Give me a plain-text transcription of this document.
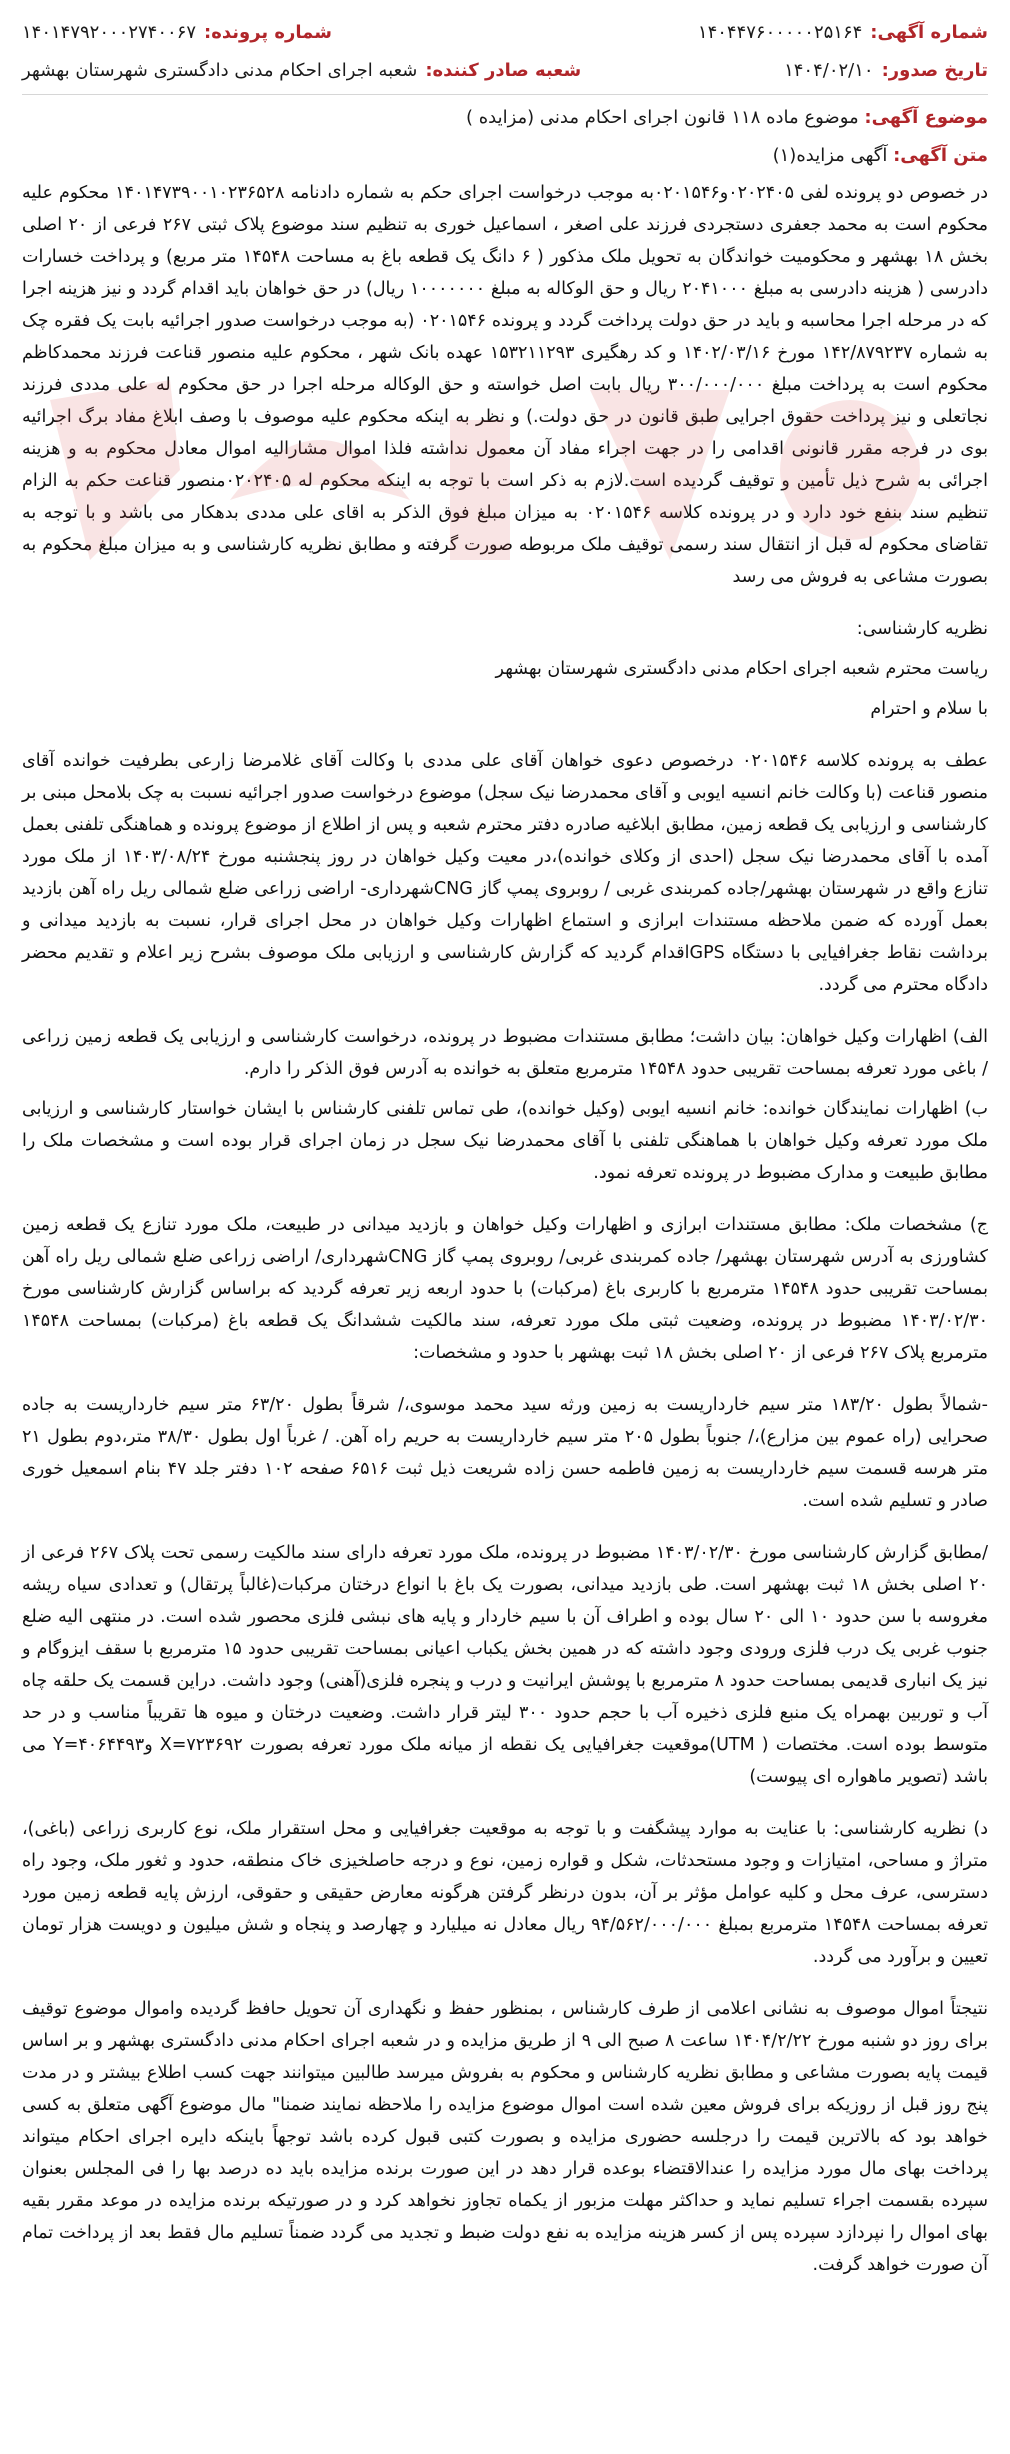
شماره آگهی:
۱۴۰۴۴۷۶۰۰۰۰۰۲۵۱۶۴
شماره پرونده:
۱۴۰۱۴۷۹۲۰۰۰۲۷۴۰۰۶۷
تاریخ صدور:
۱۴۰۴/۰۲/۱۰
شعبه صادر کننده:
شعبه اجرای احکام مدنی دادگستری شهرستان بهشهر
موضوع آگهی: موضوع ماده ۱۱۸ قانون اجرای احکام مدنی (مزایده )
متن آگهی: آگهی مزایده(۱)

در خصوص دو پرونده لفی ۰۲۰۲۴۰۵و۰۲۰۱۵۴۶به موجب درخواست اجرای حکم به شماره دادنامه ۱۴۰۱۴۷۳۹۰۰۱۰۲۳۶۵۲۸ محکوم علیه محکوم است به محمد جعفری دستجردی فرزند علی اصغر ، اسماعیل خوری به تنظیم سند موضوع پلاک ثبتی ۲۶۷ فرعی از ۲۰ اصلی بخش ۱۸ بهشهر و محکومیت خواندگان به تحویل ملک مذکور ( ۶ دانگ یک قطعه باغ به مساحت ۱۴۵۴۸ متر مربع) و پرداخت خسارات دادرسی ( هزینه دادرسی به مبلغ ۲۰۴۱۰۰۰ ریال و حق الوکاله به مبلغ ۱۰۰۰۰۰۰۰ ریال) در حق خواهان باید اقدام گردد و نیز هزینه اجرا که در مرحله اجرا محاسبه و باید در حق دولت پرداخت گردد و پرونده ۰۲۰۱۵۴۶ (به موجب درخواست صدور اجرائیه بابت یک فقره چک به شماره ۱۴۲/۸۷۹۲۳۷ مورخ ۱۴۰۲/۰۳/۱۶ و کد رهگیری ۱۵۳۲۱۱۲۹۳ عهده بانک شهر ، محکوم علیه منصور قناعت فرزند محمدکاظم محکوم است به پرداخت مبلغ ۳۰۰/۰۰۰/۰۰۰ ریال بابت اصل خواسته و حق الوکاله مرحله اجرا در حق محکوم له علی مددی فرزند نجاتعلی و نیز پرداخت حقوق اجرایی طبق قانون در حق دولت.) و نظر به اینکه محکوم علیه موصوف با وصف ابلاغ مفاد برگ اجرائیه بوی در فرجه مقرر قانونی اقدامی را در جهت اجراء مفاد آن معمول نداشته فلذا اموال مشارالیه اموال معادل محکوم به و هزینه اجرائی به شرح ذیل تأمین و توقیف گردیده است.لازم به ذکر است با توجه به اینکه محکوم له ۰۲۰۲۴۰۵منصور قناعت حکم به الزام تنظیم سند بنفع خود دارد و در پرونده کلاسه ۰۲۰۱۵۴۶ به میزان مبلغ فوق الذکر به اقای علی مددی بدهکار می باشد و با توجه به تقاضای محکوم له قبل از انتقال سند رسمی توقیف ملک مربوطه صورت گرفته و مطابق نظریه کارشناسی و به میزان مبلغ محکوم به بصورت مشاعی به فروش می رسد

نظریه کارشناسی:

ریاست محترم شعبه اجرای احکام مدنی دادگستری شهرستان بهشهر

با سلام و احترام

عطف به پرونده کلاسه ۰۲۰۱۵۴۶ درخصوص دعوی خواهان آقای علی مددی با وکالت آقای غلامرضا زارعی بطرفیت خوانده آقای منصور قناعت (با وکالت خانم انسیه ایوبی و آقای محمدرضا نیک سجل) موضوع درخواست صدور اجرائیه نسبت به چک بلامحل مبنی بر کارشناسی و ارزیابی یک قطعه زمین، مطابق ابلاغیه صادره دفتر محترم شعبه و پس از اطلاع از موضوع پرونده و هماهنگی تلفنی بعمل آمده با آقای محمدرضا نیک سجل (احدی از وکلای خوانده)،در معیت وکیل خواهان در روز پنجشنبه مورخ ۱۴۰۳/۰۸/۲۴ از ملک مورد تنازع واقع در شهرستان بهشهر/جاده کمربندی غربی / روبروی پمپ گاز CNGشهرداری- اراضی زراعی ضلع شمالی ریل راه آهن بازدید بعمل آورده که ضمن ملاحظه مستندات ابرازی و استماع اظهارات وکیل خواهان در محل اجرای قرار، نسبت به بازدید میدانی و برداشت نقاط جغرافیایی با دستگاه GPSاقدام گردید که گزارش کارشناسی و ارزیابی ملک موصوف بشرح زیر اعلام و تقدیم محضر دادگاه محترم می گردد.

الف) اظهارات وکیل خواهان: بیان داشت؛ مطابق مستندات مضبوط در پرونده، درخواست کارشناسی و ارزیابی یک قطعه زمین زراعی / باغی مورد تعرفه بمساحت تقریبی حدود ۱۴۵۴۸ مترمربع متعلق به خوانده به آدرس فوق الذکر را دارم.

ب) اظهارات نمایندگان خوانده: خانم انسیه ایوبی (وکیل خوانده)، طی تماس تلفنی کارشناس با ایشان خواستار کارشناسی و ارزیابی ملک مورد تعرفه وکیل خواهان با هماهنگی تلفنی با آقای محمدرضا نیک سجل در زمان اجرای قرار بوده است و مشخصات ملک را مطابق طبیعت و مدارک مضبوط در پرونده تعرفه نمود.

ج) مشخصات ملک: مطابق مستندات ابرازی و اظهارات وکیل خواهان و بازدید میدانی در طبیعت، ملک مورد تنازع یک قطعه زمین کشاورزی به آدرس شهرستان بهشهر/ جاده کمربندی غربی/ روبروی پمپ گاز CNGشهرداری/ اراضی زراعی ضلع شمالی ریل راه آهن بمساحت تقریبی حدود ۱۴۵۴۸ مترمربع با کاربری باغ (مرکبات) با حدود اربعه زیر تعرفه گردید که براساس گزارش کارشناسی مورخ ۱۴۰۳/۰۲/۳۰ مضبوط در پرونده، وضعیت ثبتی ملک مورد تعرفه، سند مالکیت ششدانگ یک قطعه باغ (مرکبات) بمساحت ۱۴۵۴۸ مترمربع پلاک ۲۶۷ فرعی از ۲۰ اصلی بخش ۱۸ ثبت بهشهر با حدود و مشخصات:

-شمالاً بطول ۱۸۳/۲۰ متر سیم خارداریست به زمین ورثه سید محمد موسوی،/ شرقاً بطول ۶۳/۲۰ متر سیم خارداریست به جاده صحرایی (راه عموم بین مزارع)،/ جنوباً بطول ۲۰۵ متر سیم خارداریست به حریم راه آهن. / غرباً اول بطول ۳۸/۳۰ متر،دوم بطول ۲۱ متر هرسه قسمت سیم خارداریست به زمین فاطمه حسن زاده شریعت ذیل ثبت ۶۵۱۶ صفحه ۱۰۲ دفتر جلد ۴۷ بنام اسمعیل خوری صادر و تسلیم شده است.

/مطابق گزارش کارشناسی مورخ ۱۴۰۳/۰۲/۳۰ مضبوط در پرونده، ملک مورد تعرفه دارای سند مالکیت رسمی تحت پلاک ۲۶۷ فرعی از ۲۰ اصلی بخش ۱۸ ثبت بهشهر است. طی بازدید میدانی، بصورت یک باغ با انواع درختان مرکبات(غالباً پرتقال) و تعدادی سیاه ریشه مغروسه با سن حدود ۱۰ الی ۲۰ سال بوده و اطراف آن با سیم خاردار و پایه های نبشی فلزی محصور شده است. در منتهی الیه ضلع جنوب غربی یک درب فلزی ورودی وجود داشته که در همین بخش یکباب اعیانی بمساحت تقریبی حدود ۱۵ مترمربع با سقف ایزوگام و نیز یک انباری قدیمی بمساحت حدود ۸ مترمربع با پوشش ایرانیت و درب و پنجره فلزی(آهنی) وجود داشت. دراین قسمت یک حلقه چاه آب و توربین بهمراه یک منبع فلزی ذخیره آب با حجم حدود ۳۰۰ لیتر قرار داشت. وضعیت درختان و میوه ها تقریباً مناسب و در حد متوسط بوده است. مختصات ( UTM)موقعیت جغرافیایی یک نقطه از میانه ملک مورد تعرفه بصورت X=۷۲۳۶۹۲ وY=۴۰۶۴۴۹۳ می باشد (تصویر ماهواره ای پیوست)

د) نظریه کارشناسی: با عنایت به موارد پیشگفت و با توجه به موقعیت جغرافیایی و محل استقرار ملک، نوع کاربری زراعی (باغی)، متراژ و مساحی، امتیازات و وجود مستحدثات، شکل و قواره زمین، نوع و درجه حاصلخیزی خاک منطقه، حدود و ثغور ملک، وجود راه دسترسی، عرف محل و کلیه عوامل مؤثر بر آن، بدون درنظر گرفتن هرگونه معارض حقیقی و حقوقی، ارزش پایه قطعه زمین مورد تعرفه بمساحت ۱۴۵۴۸ مترمربع بمبلغ ۹۴/۵۶۲/۰۰۰/۰۰۰ ریال معادل نه میلیارد و چهارصد و پنجاه و شش میلیون و دویست هزار تومان تعیین و برآورد می گردد.

نتیجتاً اموال موصوف به نشانی اعلامی از طرف کارشناس ، بمنظور حفظ و نگهداری آن تحویل حافظ گردیده واموال موضوع توقیف برای روز دو شنبه مورخ ۱۴۰۴/۲/۲۲ ساعت ۸ صبح الی ۹ از طریق مزایده و در شعبه اجرای احکام مدنی دادگستری بهشهر و بر اساس قیمت پایه بصورت مشاعی و مطابق نظریه کارشناس و محکوم به بفروش میرسد طالبین میتوانند جهت کسب اطلاع بیشتر و در مدت پنج روز قبل از روزیکه برای فروش معین شده است اموال موضوع مزایده را ملاحظه نمایند ضمنا" مال موضوع آگهی متعلق به کسی خواهد بود که بالاترین قیمت را درجلسه حضوری مزایده و بصورت کتبی قبول کرده باشد توجهاً باینکه دایره اجرای احکام میتواند پرداخت بهای مال مورد مزایده را عندالاقتضاء بوعده قرار دهد در این صورت برنده مزایده باید ده درصد بها را فی المجلس بعنوان سپرده بقسمت اجراء تسلیم نماید و حداکثر مهلت مزبور از یکماه تجاوز نخواهد کرد و در صورتیکه برنده مزایده در موعد مقرر بقیه بهای اموال را نپردازد سپرده پس از کسر هزینه مزایده به نفع دولت ضبط و تجدید می گردد ضمناً تسلیم مال فقط بعد از پرداخت تمام آن صورت خواهد گرفت.
